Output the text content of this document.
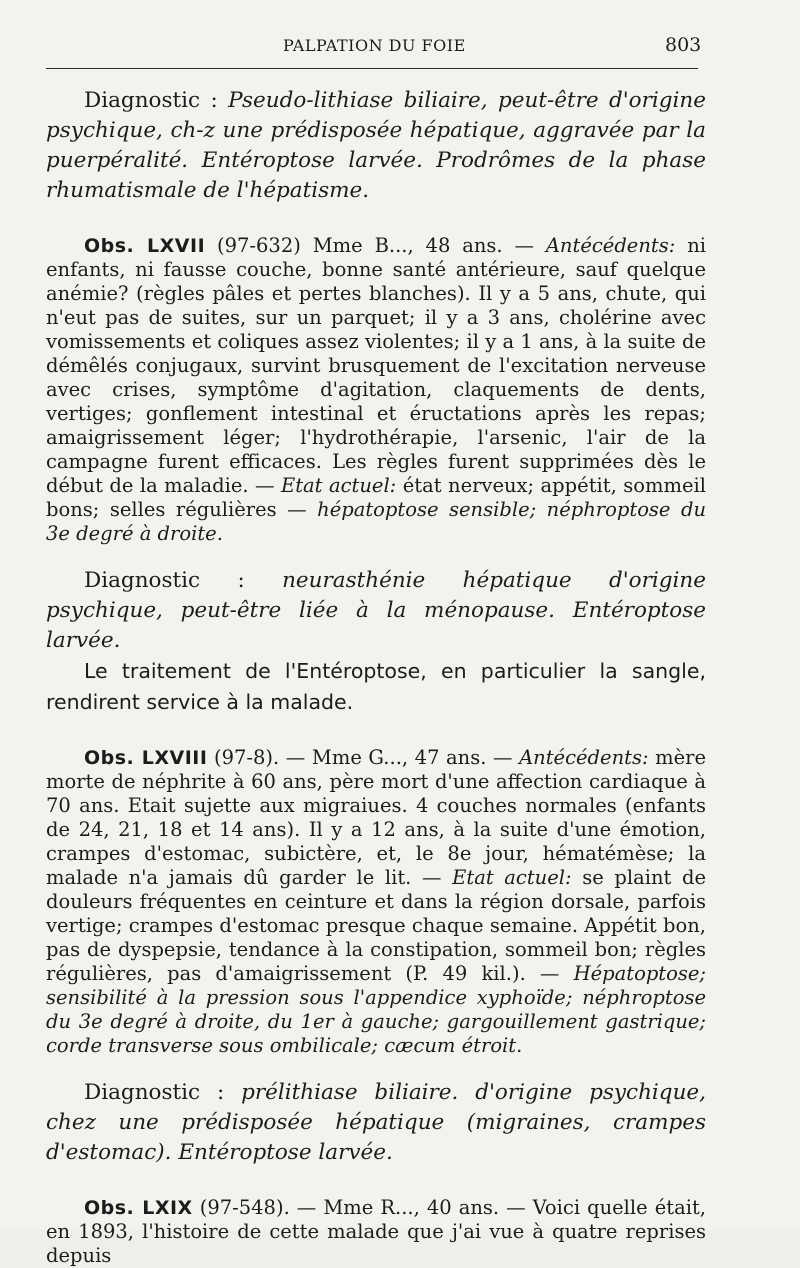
PALPATION DU FOIE	803

Diagnostic : Pseudo-lithiase biliaire, peut-être d'origine psychique, ch-z une prédisposée hépatique, aggravée par la puerpéralité. Entéroptose larvée. Prodrômes de la phase rhumatismale de l'hépatisme.

Obs. LXVII (97-632) Mme B..., 48 ans. — Antécédents: ni enfants, ni fausse couche, bonne santé antérieure, sauf quelque anémie? (règles pâles et pertes blanches). Il y a 5 ans, chute, qui n'eut pas de suites, sur un parquet; il y a 3 ans, cholérine avec vomissements et coliques assez violentes; il y a 1 ans, à la suite de démêlés conjugaux, survint brusquement de l'excitation nerveuse avec crises, symptôme d'agitation, claquements de dents, vertiges; gonflement intestinal et éructations après les repas; amaigrissement léger; l'hydrothérapie, l'arsenic, l'air de la campagne furent efficaces. Les règles furent supprimées dès le début de la maladie. — Etat actuel: état nerveux; appétit, sommeil bons; selles régulières — hépatoptose sensible; néphroptose du 3e degré à droite.

Diagnostic : neurasthénie hépatique d'origine psychique, peut-être liée à la ménopause. Entéroptose larvée.

Le traitement de l'Entéroptose, en particulier la sangle, rendirent service à la malade.

Obs. LXVIII (97-8). — Mme G..., 47 ans. — Antécédents: mère morte de néphrite à 60 ans, père mort d'une affection cardiaque à 70 ans. Etait sujette aux migraiues. 4 couches normales (enfants de 24, 21, 18 et 14 ans). Il y a 12 ans, à la suite d'une émotion, crampes d'estomac, subictère, et, le 8e jour, hématémèse; la malade n'a jamais dû garder le lit. — Etat actuel: se plaint de douleurs fréquentes en ceinture et dans la région dorsale, parfois vertige; crampes d'estomac presque chaque semaine. Appétit bon, pas de dyspepsie, tendance à la constipation, sommeil bon; règles régulières, pas d'amaigrissement (P. 49 kil.). — Hépatoptose; sensibilité à la pression sous l'appendice xyphoïde; néphroptose du 3e degré à droite, du 1er à gauche; gargouillement gastrique; corde transverse sous ombilicale; cæcum étroit.

Diagnostic : prélithiase biliaire. d'origine psychique, chez une prédisposée hépatique (migraines, crampes d'estomac). Entéroptose larvée.

Obs. LXIX (97-548). — Mme R..., 40 ans. — Voici quelle était, en 1893, l'histoire de cette malade que j'ai vue à quatre reprises depuis
